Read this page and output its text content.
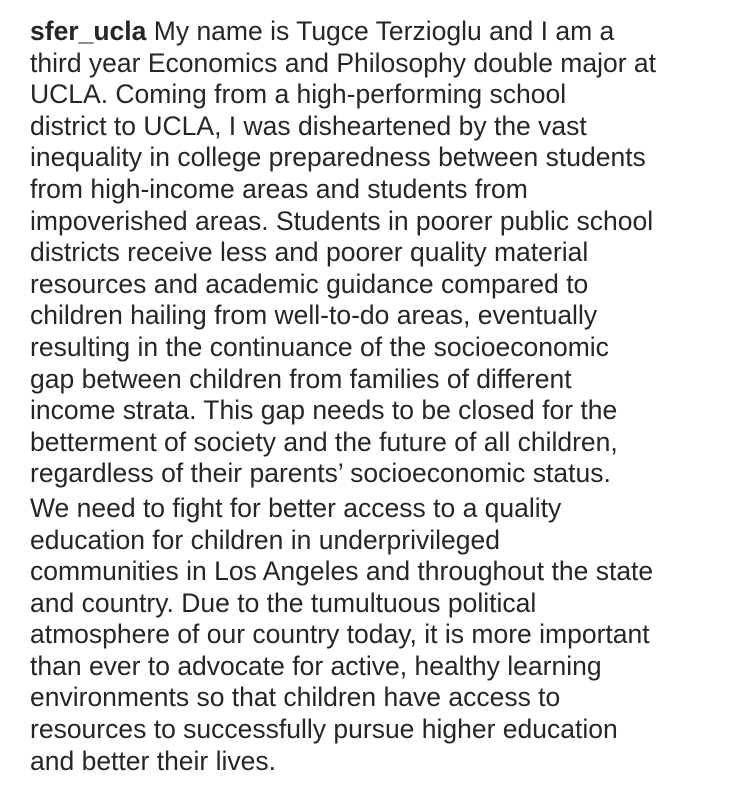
sfer_ucla My name is Tugce Terzioglu and I am a
third year Economics and Philosophy double major at
UCLA. Coming from a high-performing school
district to UCLA, I was disheartened by the vast
inequality in college preparedness between students
from high-income areas and students from
impoverished areas. Students in poorer public school
districts receive less and poorer quality material
resources and academic guidance compared to
children hailing from well-to-do areas, eventually
resulting in the continuance of the socioeconomic
gap between children from families of different
income strata. This gap needs to be closed for the
betterment of society and the future of all children,
regardless of their parents’ socioeconomic status.

We need to fight for better access to a quality
education for children in underprivileged
communities in Los Angeles and throughout the state
and country. Due to the tumultuous political
atmosphere of our country today, it is more important
than ever to advocate for active, healthy learning
environments so that children have access to
resources to successfully pursue higher education
and better their lives.
